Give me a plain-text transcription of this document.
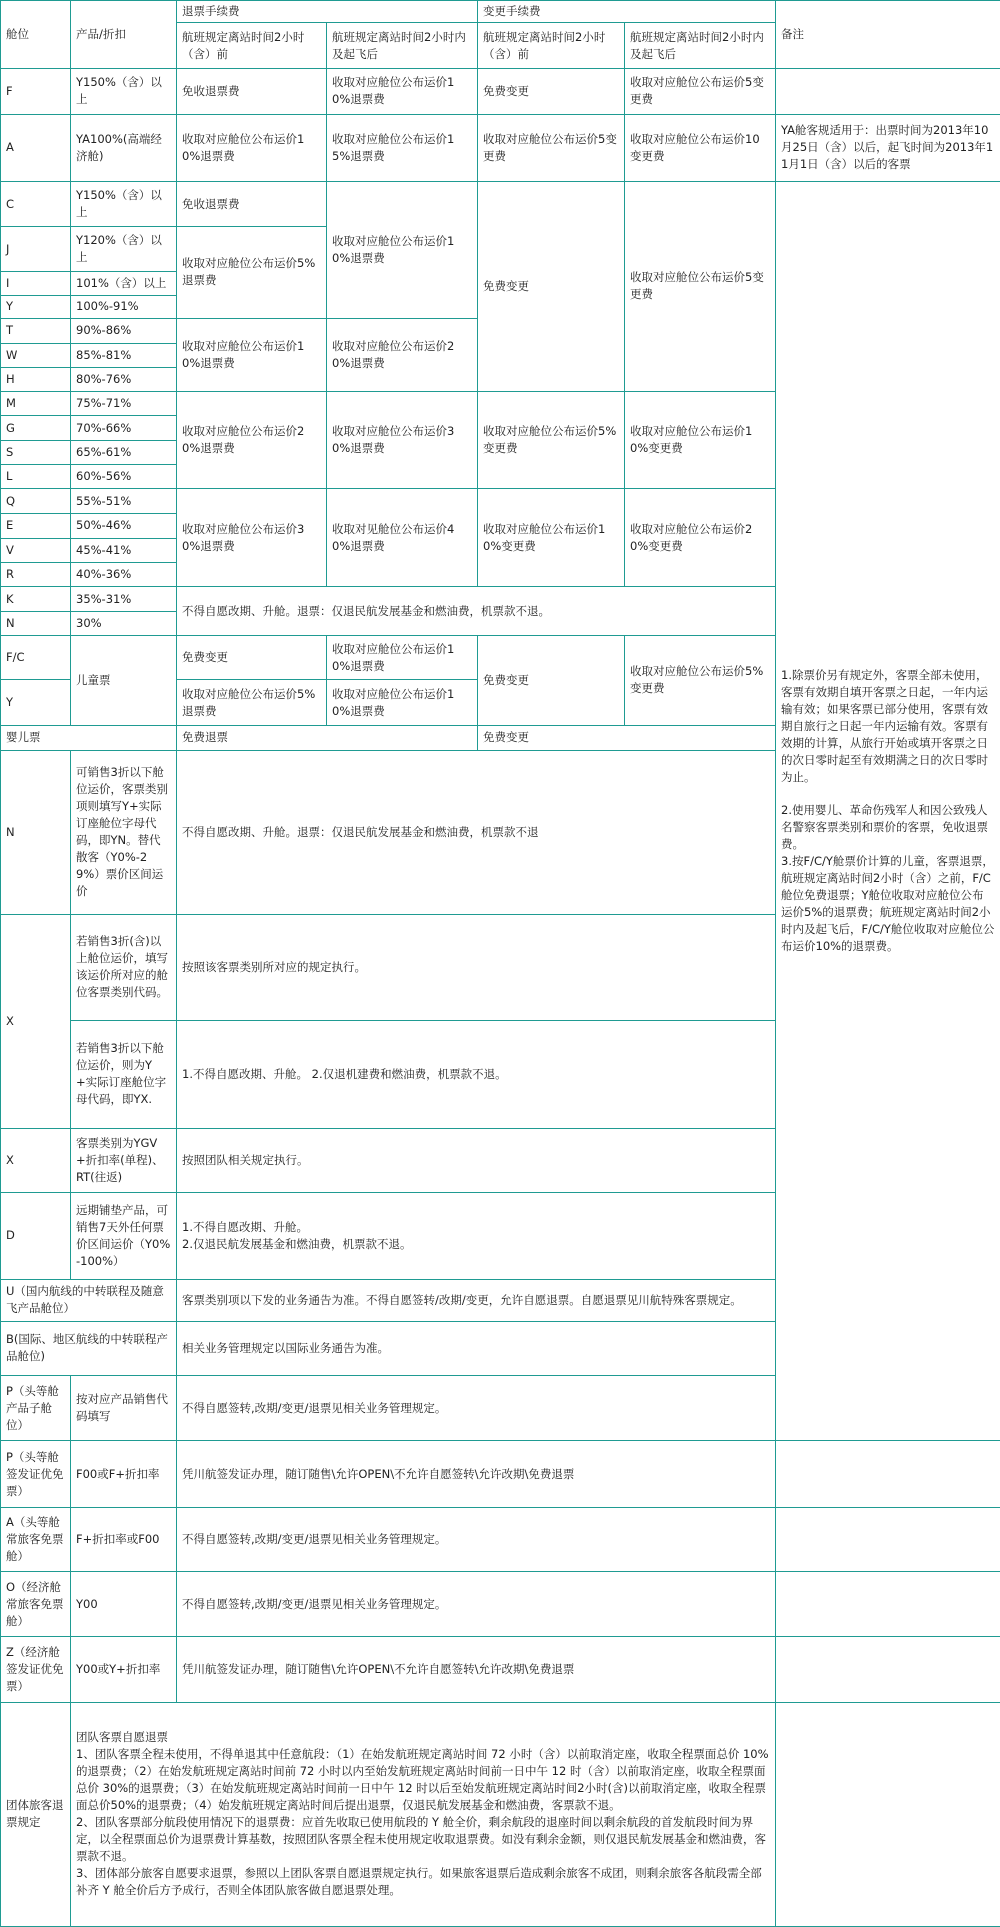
舱位	产品/折扣	退票手续费		变更手续费		备注	
		航班规定离站时间2小时（含）前	航班规定离站时间2小时内及起飞后	航班规定离站时间2小时（含）前	航班规定离站时间2小时内及起飞后		
F	Y150%（含）以上	免收退票费	收取对应舱位公布运价10%退票费	免费变更	收取对应舱位公布运价5变更费		
A	YA100%(高端经济舱)	收取对应舱位公布运价10%退票费	收取对应舱位公布运价15%退票费	收取对应舱位公布运价5变更费	收取对应舱位公布运价10变更费	YA舱客规适用于：出票时间为2013年10月25日（含）以后，起飞时间为2013年11月1日（含）以后的客票	
C	Y150%（含）以上	免收退票费	收取对应舱位公布运价10%退票费	免费变更	收取对应舱位公布运价5变更费	1.除票价另有规定外，客票全部未使用，客票有效期自填开客票之日起，一年内运输有效；如果客票已部分使用，客票有效期自旅行之日起一年内运输有效。客票有效期的计算，从旅行开始或填开客票之日的次日零时起至有效期满之日的次日零时为止。
2.使用婴儿、革命伤残军人和因公致残人名警察客票类别和票价的客票，免收退票费。
3.按F/C/Y舱票价计算的儿童，客票退票，航班规定离站时间2小时（含）之前，F/C舱位免费退票；Y舱位收取对应舱位公布运价5%的退票费；航班规定离站时间2小时内及起飞后，F/C/Y舱位收取对应舱位公布运价10%的退票费。	

J	Y120%（含）以上	收取对应舱位公布运价5%退票费					
I	101%（含）以上						
Y	100%-91%						
T	90%-86%	收取对应舱位公布运价10%退票费	收取对应舱位公布运价20%退票费				
W	85%-81%						
H	80%-76%						
M	75%-71%	收取对应舱位公布运价20%退票费	收取对应舱位公布运价30%退票费	收取对应舱位公布运价5%变更费	收取对应舱位公布运价10%变更费		
G	70%-66%						
S	65%-61%						
L	60%-56%						
Q	55%-51%	收取对应舱位公布运价30%退票费	收取对见舱位公布运价40%退票费	收取对应舱位公布运价10%变更费	收取对应舱位公布运价20%变更费		
E	50%-46%						
V	45%-41%						
R	40%-36%						
K	35%-31%	不得自愿改期、升舱。退票：仅退民航发展基金和燃油费，机票款不退。					
N	30%						
F/C	儿童票	免费变更	收取对应舱位公布运价10%退票费	免费变更	收取对应舱位公布运价5%变更费		
Y		收取对应舱位公布运价5%退票费	收取对应舱位公布运价10%退票费				
婴儿票		免费退票		免费变更			
N	可销售3折以下舱位运价，客票类别项则填写Y+实际订座舱位字母代码，即YN。替代散客（Y0%-29%）票价区间运价	不得自愿改期、升舱。退票：仅退民航发展基金和燃油费，机票款不退					
X	若销售3折(含)以上舱位运价，填写该运价所对应的舱位客票类别代码。	按照该客票类别所对应的规定执行。					
	若销售3折以下舱位运价，则为Y+实际订座舱位字母代码，即YX.	1.不得自愿改期、升舱。 2.仅退机建费和燃油费，机票款不退。					
X	客票类别为YGV+折扣率(单程)、RT(往返)	按照团队相关规定执行。					
D	远期铺垫产品，可销售7天外任何票价区间运价（Y0%-100%）	1.不得自愿改期、升舱。
2.仅退民航发展基金和燃油费，机票款不退。					

U（国内航线的中转联程及随意飞产品舱位）		客票类别项以下发的业务通告为准。不得自愿签转/改期/变更，允许自愿退票。自愿退票见川航特殊客票规定。					
B(国际、地区航线的中转联程产品舱位)		相关业务管理规定以国际业务通告为准。					
P（头等舱产品子舱位）	按对应产品销售代码填写	不得自愿签转,改期/变更/退票见相关业务管理规定。					
P（头等舱签发证优免票）	F00或F+折扣率	凭川航签发证办理，随订随售\允许OPEN\不允许自愿签转\允许改期\免费退票					
A（头等舱常旅客免票舱）	F+折扣率或F00	不得自愿签转,改期/变更/退票见相关业务管理规定。					
O（经济舱常旅客免票舱）	Y00	不得自愿签转,改期/变更/退票见相关业务管理规定。					
Z（经济舱签发证优免票）	Y00或Y+折扣率	凭川航签发证办理，随订随售\允许OPEN\不允许自愿签转\允许改期\免费退票					
团体旅客退票规定	团队客票自愿退票
1、团队客票全程未使用，不得单退其中任意航段：（1）在始发航班规定离站时间 72 小时（含）以前取消定座，收取全程票面总价 10%的退票费；（2）在始发航班规定离站时间前 72 小时以内至始发航班规定离站时间前一日中午 12 时（含）以前取消定座，收取全程票面总价 30%的退票费；（3）在始发航班规定离站时间前一日中午 12 时以后至始发航班规定离站时间2小时(含)以前取消定座，收取全程票面总价50%的退票费；（4）始发航班规定离站时间后提出退票，仅退民航发展基金和燃油费，客票款不退。
2、团队客票部分航段使用情况下的退票费：应首先收取已使用航段的 Y 舱全价，剩余航段的退座时间以剩余航段的首发航段时间为界定，以全程票面总价为退票费计算基数，按照团队客票全程未使用规定收取退票费。如没有剩余金额，则仅退民航发展基金和燃油费，客票款不退。
3、团体部分旅客自愿要求退票，参照以上团队客票自愿退票规定执行。如果旅客退票后造成剩余旅客不成团，则剩余旅客各航段需全部补齐 Y 舱全价后方予成行，否则全体团队旅客做自愿退票处理。						
